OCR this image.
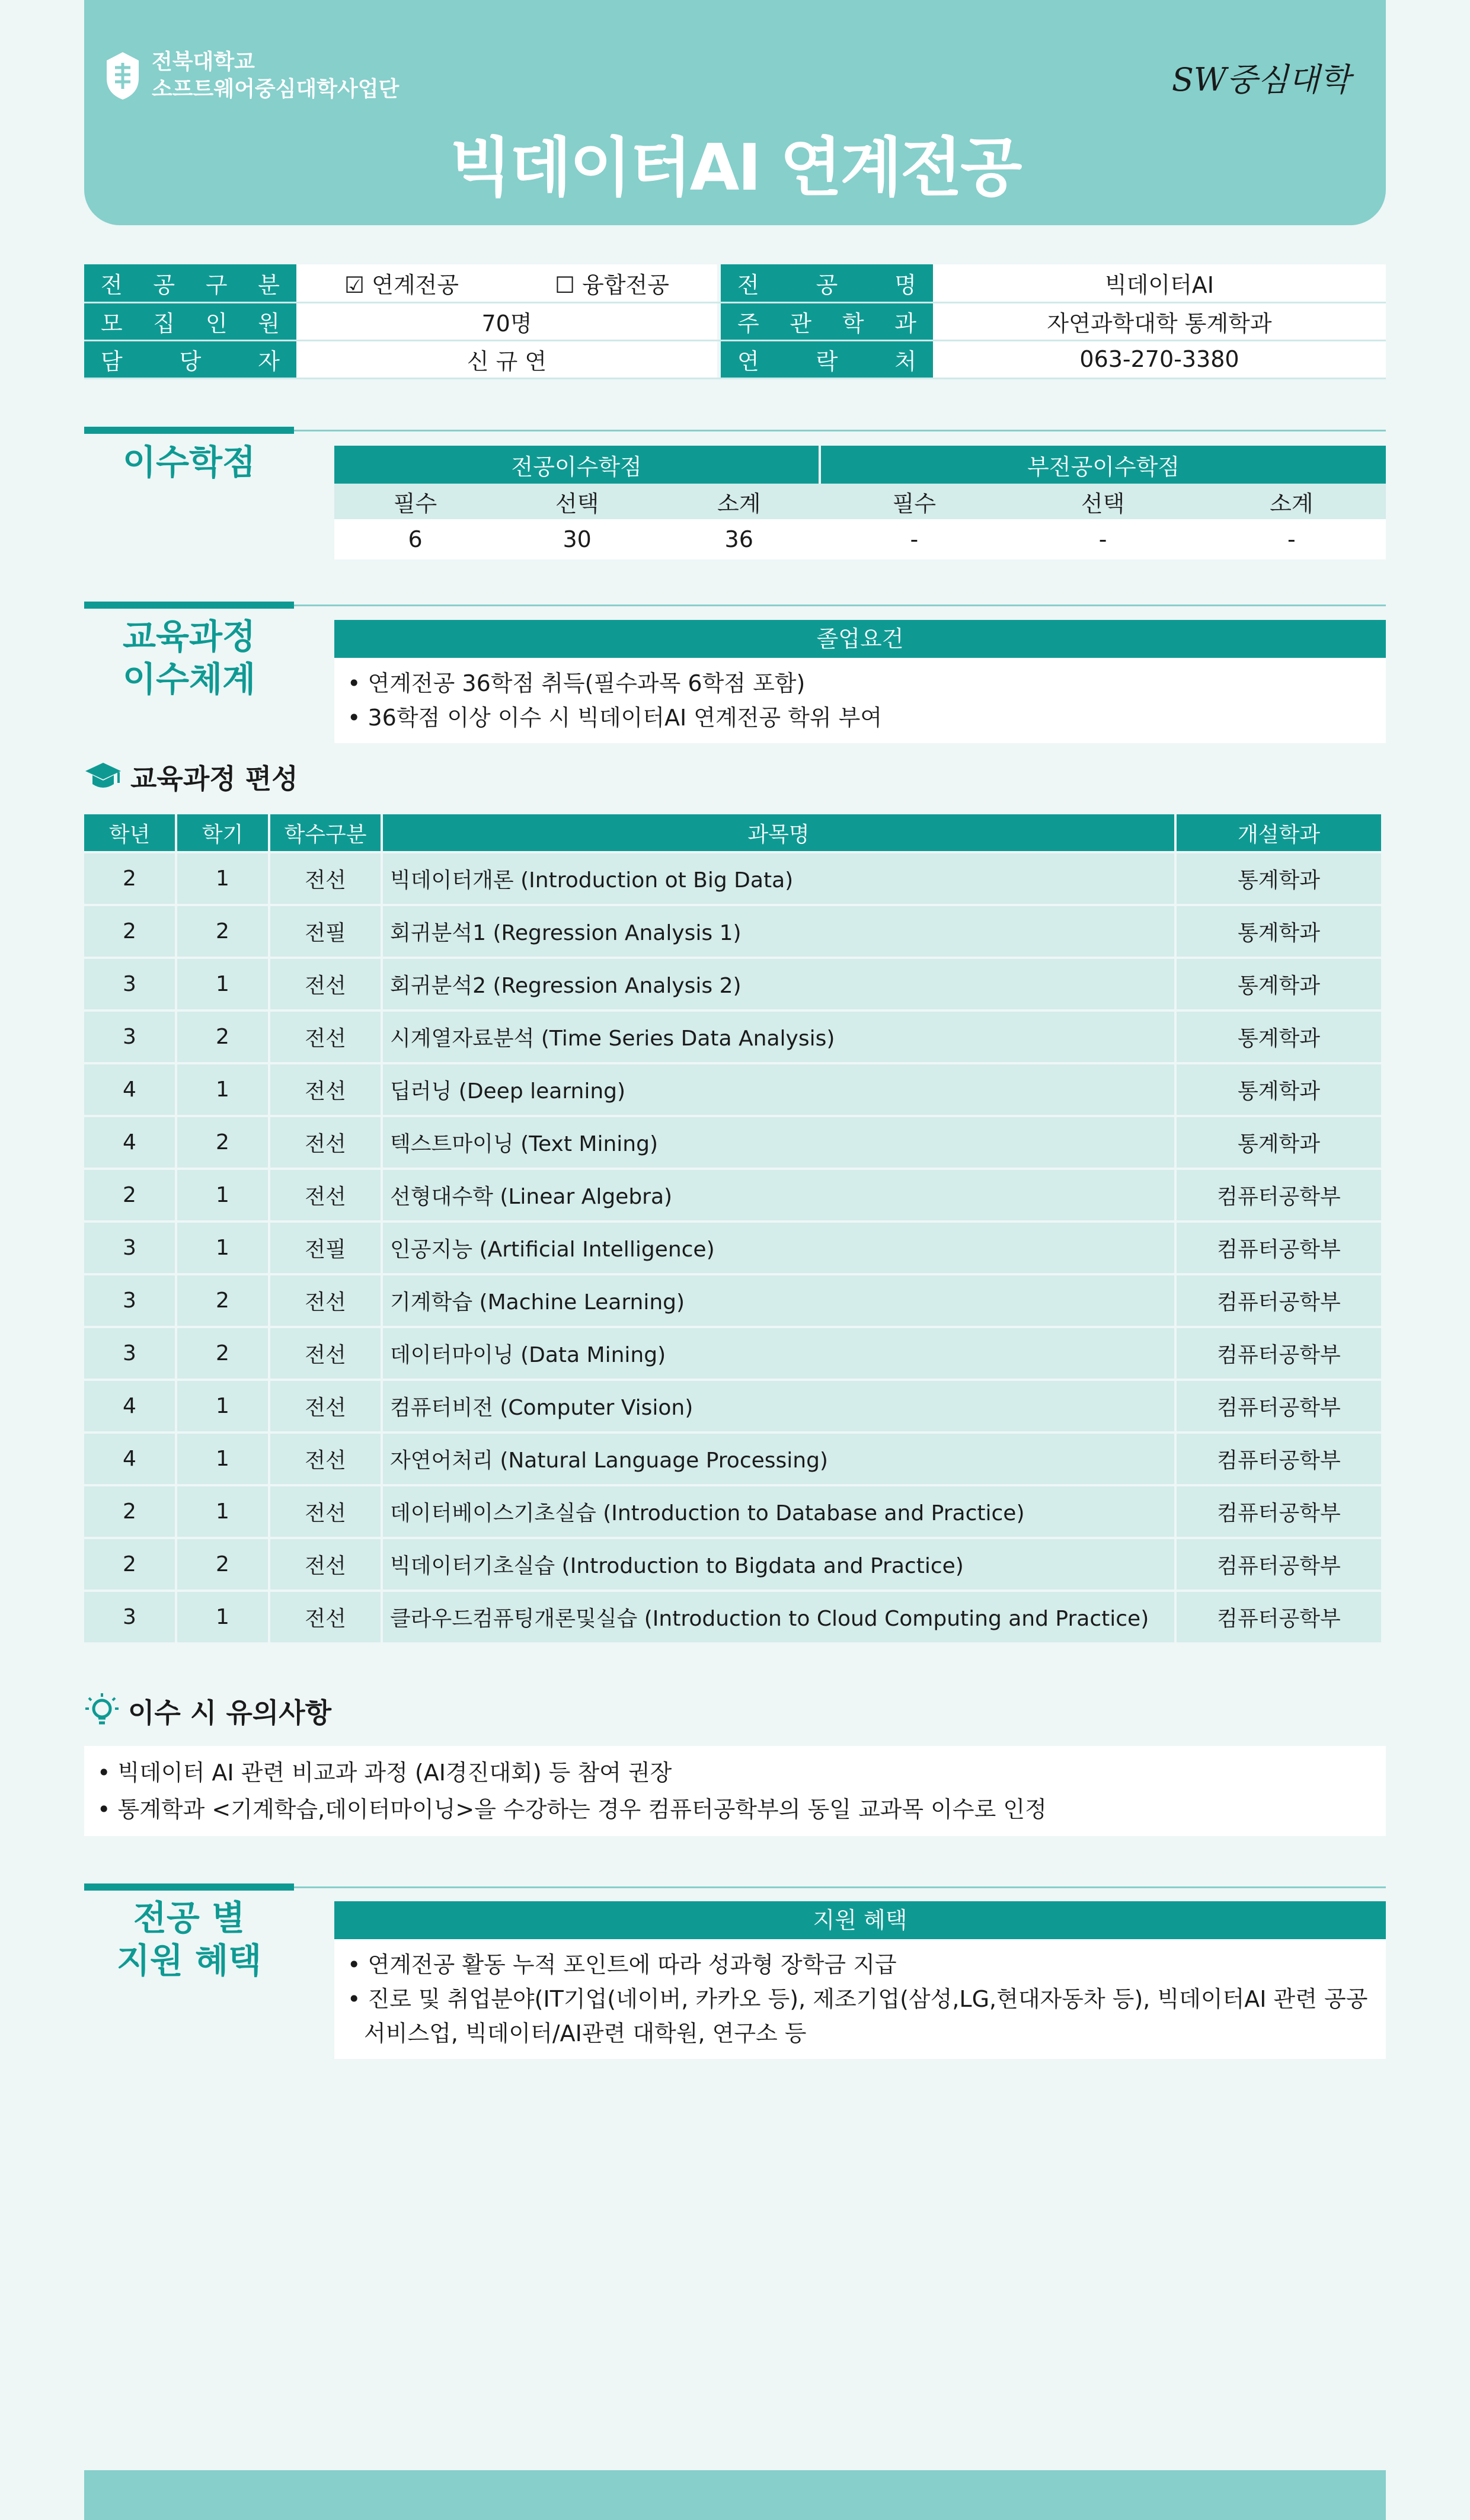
전북대학교
소프트웨어중심대학사업단	SW중심대학
빅데이터AI 연계전공
전 공 구 분	☑ 연계전공 ☐ 융합전공		전 공 명	빅데이터AI

모 집 인 원	70명		주 관 학 과	자연과학대학 통계학과

담 당 자	신 규 연		연 락 처	063-270-3380
이수학점	전공이수학점			부전공이수학점		
필수	선택	소계	필수	선택	소계
6	30	36	-	-	-
교육과정
이수체계
졸업요건
• 연계전공 36학점 취득(필수과목 6학점 포함)
• 36학점 이상 이수 시 빅데이터AI 연계전공 학위 부여
교육과정 편성
학년	학기	학수구분	과목명	개설학과
2	1	전선	빅데이터개론 (Introduction ot Big Data)	통계학과
2	2	전필	회귀분석1 (Regression Analysis 1)	통계학과
3	1	전선	회귀분석2 (Regression Analysis 2)	통계학과
3	2	전선	시계열자료분석 (Time Series Data Analysis)	통계학과
4	1	전선	딥러닝 (Deep learning)	통계학과
4	2	전선	텍스트마이닝 (Text Mining)	통계학과
2	1	전선	선형대수학 (Linear Algebra)	컴퓨터공학부
3	1	전필	인공지능 (Artificial Intelligence)	컴퓨터공학부
3	2	전선	기계학습 (Machine Learning)	컴퓨터공학부
3	2	전선	데이터마이닝 (Data Mining)	컴퓨터공학부
4	1	전선	컴퓨터비전 (Computer Vision)	컴퓨터공학부
4	1	전선	자연어처리 (Natural Language Processing)	컴퓨터공학부
2	1	전선	데이터베이스기초실습 (Introduction to Database and Practice)	컴퓨터공학부
2	2	전선	빅데이터기초실습 (Introduction to Bigdata and Practice)	컴퓨터공학부
3	1	전선	클라우드컴퓨팅개론및실습 (Introduction to Cloud Computing and Practice)	컴퓨터공학부
이수 시 유의사항
• 빅데이터 AI 관련 비교과 과정 (AI경진대회) 등 참여 권장
• 통계학과 <기계학습,데이터마이닝>을 수강하는 경우 컴퓨터공학부의 동일 교과목 이수로 인정
전공 별
지원 혜택
지원 혜택
• 연계전공 활동 누적 포인트에 따라 성과형 장학금 지급
• 진로 및 취업분야(IT기업(네이버, 카카오 등), 제조기업(삼성,LG,현대자동차 등), 빅데이터AI 관련 공공 서비스업, 빅데이터/AI관련 대학원, 연구소 등
